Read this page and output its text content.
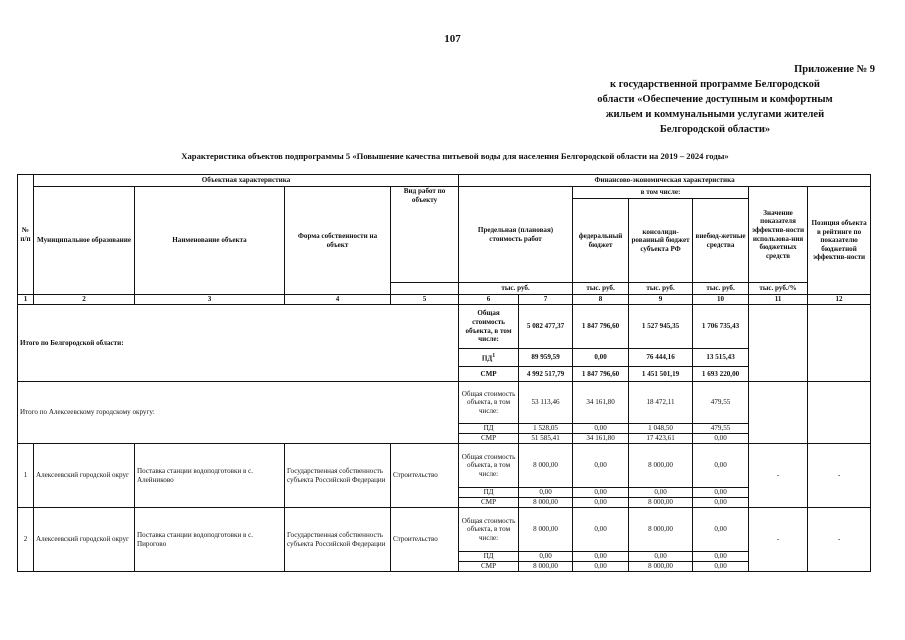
107
Приложение № 9
к государственной программе Белгородской
области «Обеспечение доступным и комфортным
жильем и коммунальными услугами жителей
Белгородской области»
Характеристика объектов подпрограммы 5 «Повышение качества питьевой воды для населения Белгородской области на 2019 – 2024 годы»
№ п/п	Объектная характеристика				Финансово-экономическая характеристика						
	Муниципальное образование	Наименование объекта	Форма собственности на объект	Вид работ по объекту	Предельная (плановая) стоимость работ		в том числе:			Значение показателя эффектив-ности использова-ния бюджетных средств	Позиция объекта в рейтинге по показателю бюджетной эффектив-ности
							федеральный бюджет	консолиди-рованный бюджет субъекта РФ	внебюд-жетные средства		
					тыс. руб.		тыс. руб.	тыс. руб.	тыс. руб.	тыс. руб./%	
1	2	3	4	5	6	7	8	9	10	11	12
Итого по Белгородской области:					Общая стоимость объекта, в том числе:	5 082 477,37	1 847 796,60	1 527 945,35	1 706 735,43		
					$ПД^1$	89 959,59	0,00	76 444,16	13 515,43		
					СМР	4 992 517,79	1 847 796,60	1 451 501,19	1 693 220,00		
Итого по Алексеевскому городскому округу:					Общая стоимость объекта, в том числе:	53 113,46	34 161,80	18 472,11	479,55		
					ПД	1 528,05	0,00	1 048,50	479,55		
					СМР	51 585,41	34 161,80	17 423,61	0,00		
1	Алексеевский городской округ	Поставка станции водоподготовки в с. Алейниково	Государственная собственность субъекта Российской Федерации	Строительство	Общая стоимость объекта, в том числе:	8 000,00	0,00	8 000,00	0,00	-	-
					ПД	0,00	0,00	0,00	0,00		
					СМР	8 000,00	0,00	8 000,00	0,00		
2	Алексеевский городской округ	Поставка станции водоподготовки в с. Пирогово	Государственная собственность субъекта Российской Федерации	Строительство	Общая стоимость объекта, в том числе:	8 000,00	0,00	8 000,00	0,00	-	-
					ПД	0,00	0,00	0,00	0,00		
					СМР	8 000,00	0,00	8 000,00	0,00		
